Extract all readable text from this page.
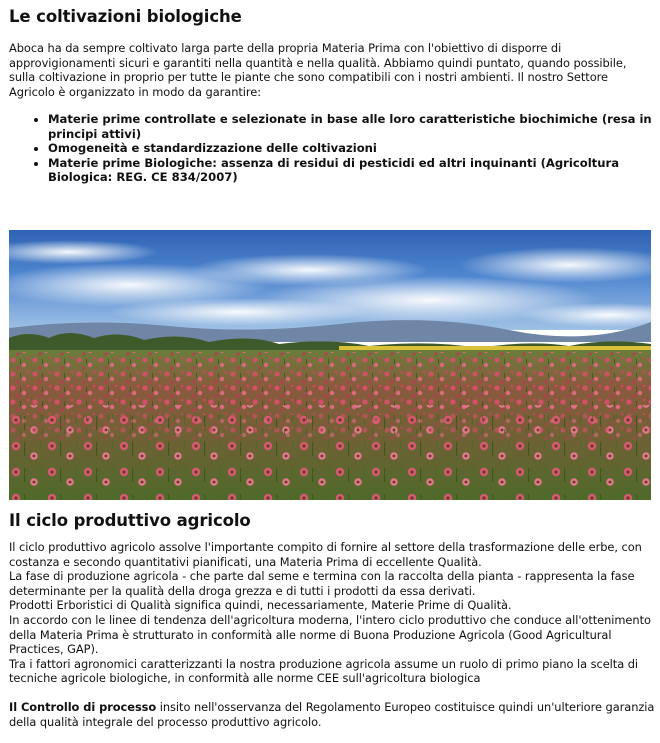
Le coltivazioni biologiche
Aboca ha da sempre coltivato larga parte della propria Materia Prima con l'obiettivo di disporre di approvigionamenti sicuri e garantiti nella quantità e nella qualità. Abbiamo quindi puntato, quando possibile, sulla coltivazione in proprio per tutte le piante che sono compatibili con i nostri ambienti. Il nostro Settore Agricolo è organizzato in modo da garantire:
• Materie prime controllate e selezionate in base alle loro caratteristiche biochimiche (resa in principi attivi)
• Omogeneità e standardizzazione delle coltivazioni
• Materie prime Biologiche: assenza di residui di pesticidi ed altri inquinanti (Agricoltura Biologica: REG. CE 834/2007)
Il ciclo produttivo agricolo

Il ciclo produttivo agricolo assolve l'importante compito di fornire al settore della trasformazione delle erbe, con costanza e secondo quantitativi pianificati, una Materia Prima di eccellente Qualità.

La fase di produzione agricola - che parte dal seme e termina con la raccolta della pianta - rappresenta la fase determinante per la qualità della droga grezza e di tutti i prodotti da essa derivati.

Prodotti Erboristici di Qualità significa quindi, necessariamente, Materie Prime di Qualità.

In accordo con le linee di tendenza dell'agricoltura moderna, l'intero ciclo produttivo che conduce all'ottenimento della Materia Prima è strutturato in conformità alle norme di Buona Produzione Agricola (Good Agricultural Practices, GAP).

Tra i fattori agronomici caratterizzanti la nostra produzione agricola assume un ruolo di primo piano la scelta di tecniche agricole biologiche, in conformità alle norme CEE sull'agricoltura biologica

Il Controllo di processo insito nell'osservanza del Regolamento Europeo costituisce quindi un'ulteriore garanzia della qualità integrale del processo produttivo agricolo.
